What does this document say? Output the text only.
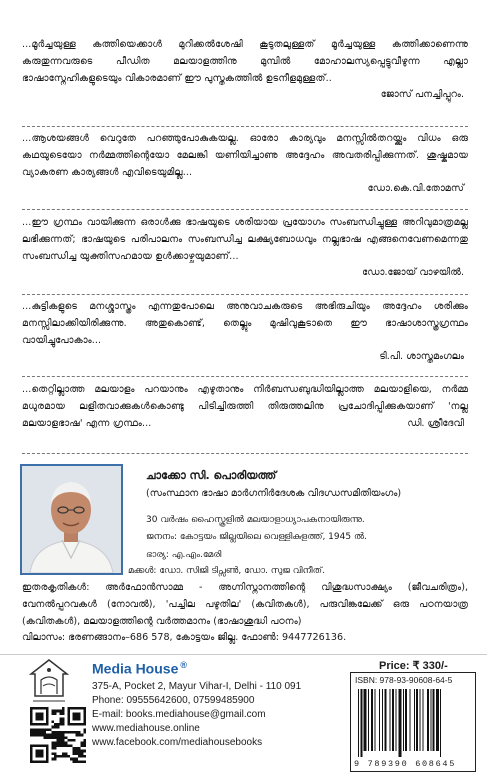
...മൂർച്ചയുള്ള കത്തിയെക്കാൾ മുറിക്കൽശേഷി കൂടുതലുള്ളത് മൂർച്ചയുള്ള കത്തിക്കാണെന്നു കരുതുന്നവരുടെ പീഡിത മലയാളത്തിനു മുമ്പിൽ മോഹാലസ്യപ്പെട്ടുവീഴുന്ന എല്ലാ ഭാഷാസ്നേഹികളുടെയും വികാരമാണ് ഈ പുസ്തകത്തിൽ ഉടനീളമുള്ളത്..

ജോസ് പനച്ചിപ്പുറം.

...ആശയങ്ങൾ വെറുതേ പറഞ്ഞുപോകുകയല്ല. ഓരോ കാര്യവും മനസ്സിൽതറയ്ക്കും വിധം ഒരു കഥയുടെയോ നർമ്മത്തിന്റെയോ മേലങ്കി യണിയിച്ചാണു അദ്ദേഹം അവതരിപ്പിക്കുന്നത്. ശുഷ്കമായ വ്യാകരണ കാര്യങ്ങൾ എവിടെയുമില്ല...

ഡോ.കെ.വി.തോമസ്

...ഈ ഗ്രന്ഥം വായിക്കുന്ന ഒരാൾക്കു ഭാഷയുടെ ശരിയായ പ്രയോഗം സംബന്ധിച്ചുള്ള അറിവുമാത്രമല്ല ലഭിക്കുന്നത്; ഭാഷയുടെ പരിപാലനം സംബന്ധിച്ച ലക്ഷ്യബോധവും നല്ലഭാഷ എങ്ങനെവേണമെന്നതു സംബന്ധിച്ച യുക്തിസഹമായ ഉൾക്കാഴ്ചയുമാണ്...

ഡോ.ജോയ് വാഴയിൽ.

...കുട്ടികളുടെ മനശ്ശാസ്ത്രം എന്നതുപോലെ അനുവാചകരുടെ അഭിരുചിയും അദ്ദേഹം ശരിക്കും മനസ്സിലാക്കിയിരിക്കുന്നു. അതുകൊണ്ട്, തെല്ലും മുഷിവുകൂടാതെ ഈ ഭാഷാശാസ്ത്രഗ്രന്ഥം വായിച്ചുപോകാം...

ടി.പി. ശാസ്തമംഗലം

...തെറ്റില്ലാത്ത മലയാളം പറയാനും എഴുതാനും നിർബന്ധബുദ്ധിയില്ലാത്ത മലയാളിയെ, നർമ്മ മധുരമായ ലളിതവാക്കുകൾകൊണ്ടു പിടിച്ചിരുത്തി തിരുത്തലിനു പ്രചോദിപ്പിക്കുകയാണ് 'നല്ല മലയാളഭാഷ' എന്ന ഗ്രന്ഥം...	ഡി. ശ്രീദേവി
ചാക്കോ സി. പൊരിയത്ത്
(സംസ്ഥാന ഭാഷാ മാർഗനിർദേശക വിദഗ്ധസമിതിയംഗം)
30 വർഷം ഹൈസ്കൂളിൽ മലയാളാധ്യാപകനായിരുന്നു.
ജനനം: കോട്ടയം ജില്ലയിലെ വെള്ളികുളത്ത്, 1945 ൽ.
ഭാര്യ: എ.എം.മേരി
മക്കൾ: ഡോ. സിജി ടിപ്സൺ, ഡോ. സുജ വിനീത്.
ഇതരകൃതികൾ: അർഫോൻസാമ്മ - അഗ്നിസ്നാനത്തിന്റെ വിശുദ്ധസാക്ഷ്യം (ജീവചരിത്രം), വേനൽപ്പറവകൾ (നോവൽ), 'പച്ചില പഴുതില' (കവിതകൾ), പരുവിങ്കലേക്ക് ഒരു പഠനയാത്ര (കവിതകൾ), മലയാളത്തിന്റെ വർത്തമാനം (ഭാഷാശുദ്ധി പഠനം)
വിലാസം: ഭരണങ്ങാനം–686 578, കോട്ടയം ജില്ല. ഫോൺ: 9447726136.
Media House ®
375-A, Pocket 2, Mayur Vihar-I, Delhi - 110 091
Phone: 09555642600, 07599485900
E-mail: books.mediahouse@gmail.com
www.mediahouse.online
www.facebook.com/mediahousebooks
Price: ₹ 330/-
ISBN: 978-93-90608-64-5
9 789390 608645
